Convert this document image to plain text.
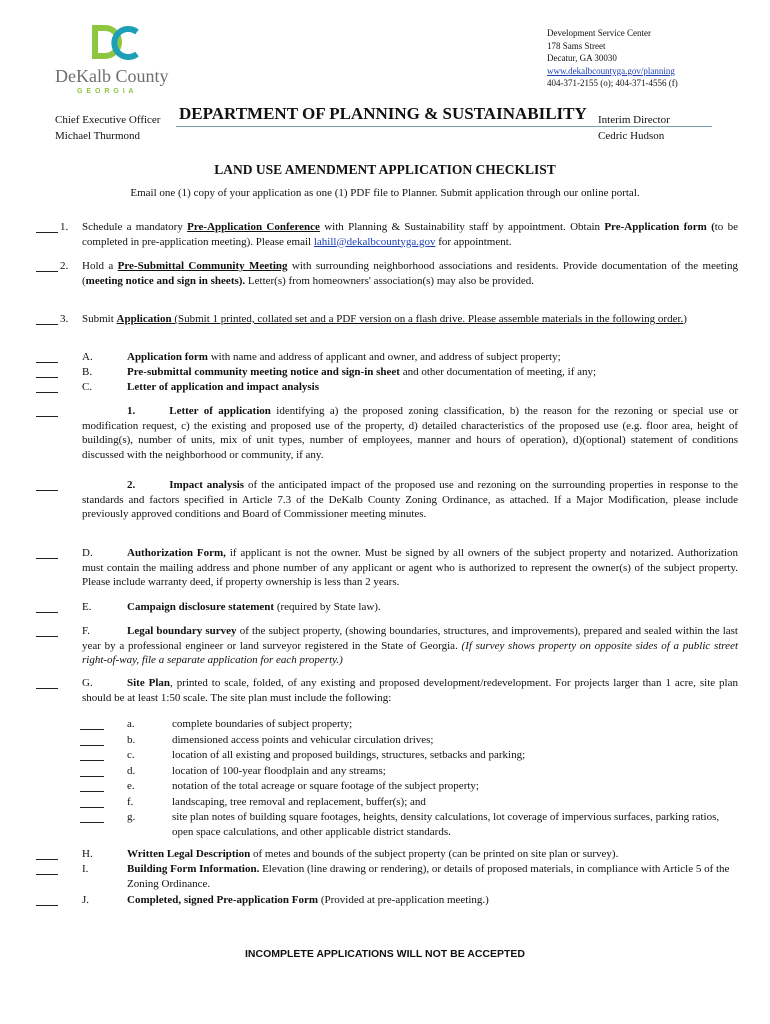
DeKalb County
G E O R G I A
Development Service Center
178 Sams Street
Decatur, GA 30030
www.dekalbcountyga.gov/planning
404-371-2155 (o); 404-371-4556 (f)
Chief Executive Officer
Michael Thurmond
DEPARTMENT OF PLANNING & SUSTAINABILITY Interim Director
Cedric Hudson
LAND USE AMENDMENT APPLICATION CHECKLIST
Email one (1) copy of your application as one (1) PDF file to Planner. Submit application through our online portal.
1. Schedule a mandatory Pre-Application Conference with Planning & Sustainability staff by appointment. Obtain Pre-Application form (to be completed in pre-application meeting). Please email lahill@dekalbcountyga.gov for appointment.
2. Hold a Pre-Submittal Community Meeting with surrounding neighborhood associations and residents. Provide documentation of the meeting (meeting notice and sign in sheets). Letter(s) from homeowners' association(s) may also be provided.
3. Submit Application (Submit 1 printed, collated set and a PDF version on a flash drive. Please assemble materials in the following order.)
A.	Application form with name and address of applicant and owner, and address of subject property;
B.	Pre-submittal community meeting notice and sign-in sheet and other documentation of meeting, if any;
C.	Letter of application and impact analysis
1.	Letter of application identifying a) the proposed zoning classification, b) the reason for the rezoning or special use or modification request, c) the existing and proposed use of the property, d) detailed characteristics of the proposed use (e.g. floor area, height of building(s), number of units, mix of unit types, number of employees, manner and hours of operation), d)(optional) statement of conditions discussed with the neighborhood or community, if any.
2.	Impact analysis of the anticipated impact of the proposed use and rezoning on the surrounding properties in response to the standards and factors specified in Article 7.3 of the DeKalb County Zoning Ordinance, as attached. If a Major Modification, please include previously approved conditions and Board of Commissioner meeting minutes.
D.	Authorization Form, if applicant is not the owner. Must be signed by all owners of the subject property and notarized. Authorization must contain the mailing address and phone number of any applicant or agent who is authorized to represent the owner(s) of the subject property. Please include warranty deed, if property ownership is less than 2 years.
E.	Campaign disclosure statement (required by State law).
F.	Legal boundary survey of the subject property, (showing boundaries, structures, and improvements), prepared and sealed within the last year by a professional engineer or land surveyor registered in the State of Georgia. (If survey shows property on opposite sides of a public street right-of-way, file a separate application for each property.)
G.	Site Plan, printed to scale, folded, of any existing and proposed development/redevelopment. For projects larger than 1 acre, site plan should be at least 1:50 scale. The site plan must include the following:
a.	complete boundaries of subject property;
b.	dimensioned access points and vehicular circulation drives;
c.	location of all existing and proposed buildings, structures, setbacks and parking;
d.	location of 100-year floodplain and any streams;
e.	notation of the total acreage or square footage of the subject property;
f.	landscaping, tree removal and replacement, buffer(s); and
g.	site plan notes of building square footages, heights, density calculations, lot coverage of impervious surfaces, parking ratios, open space calculations, and other applicable district standards.
H.	Written Legal Description of metes and bounds of the subject property (can be printed on site plan or survey).
I.	Building Form Information. Elevation (line drawing or rendering), or details of proposed materials, in compliance with Article 5 of the Zoning Ordinance.
J.	Completed, signed Pre-application Form (Provided at pre-application meeting.)
INCOMPLETE APPLICATIONS WILL NOT BE ACCEPTED
